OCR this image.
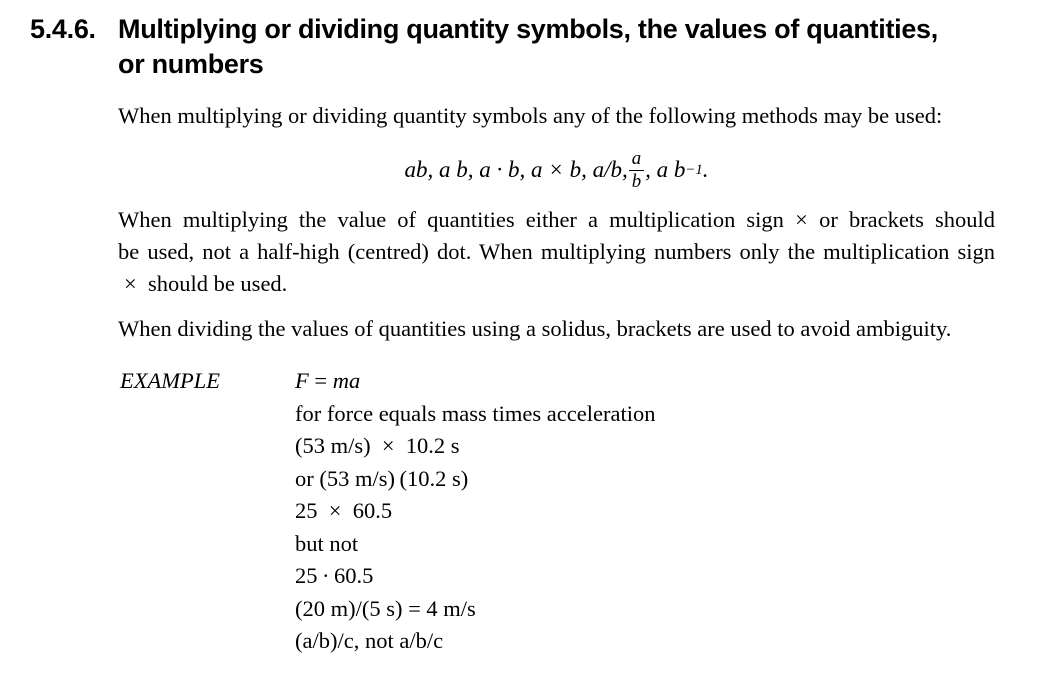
5.4.6. Multiplying or dividing quantity symbols, the values of quantities,
or numbers
When multiplying or dividing quantity symbols any of the following methods may be used:
ab, a b, a · b, a × b, a/b, $\frac{a}{b}$ , a b −1 .
When multiplying the value of quantities either a multiplication sign × or brackets should
be used, not a half-high (centred) dot. When multiplying numbers only the multiplication sign
× should be used.
When dividing the values of quantities using a solidus, brackets are used to avoid ambiguity.
EXAMPLE	F = ma
for force equals mass times acceleration
(53 m/s) × 10.2 s
or (53 m/s) (10.2 s)
25 × 60.5
but not
25 · 60.5
(20 m)/(5 s) = 4 m/s
(a/b)/c, not a/b/c
